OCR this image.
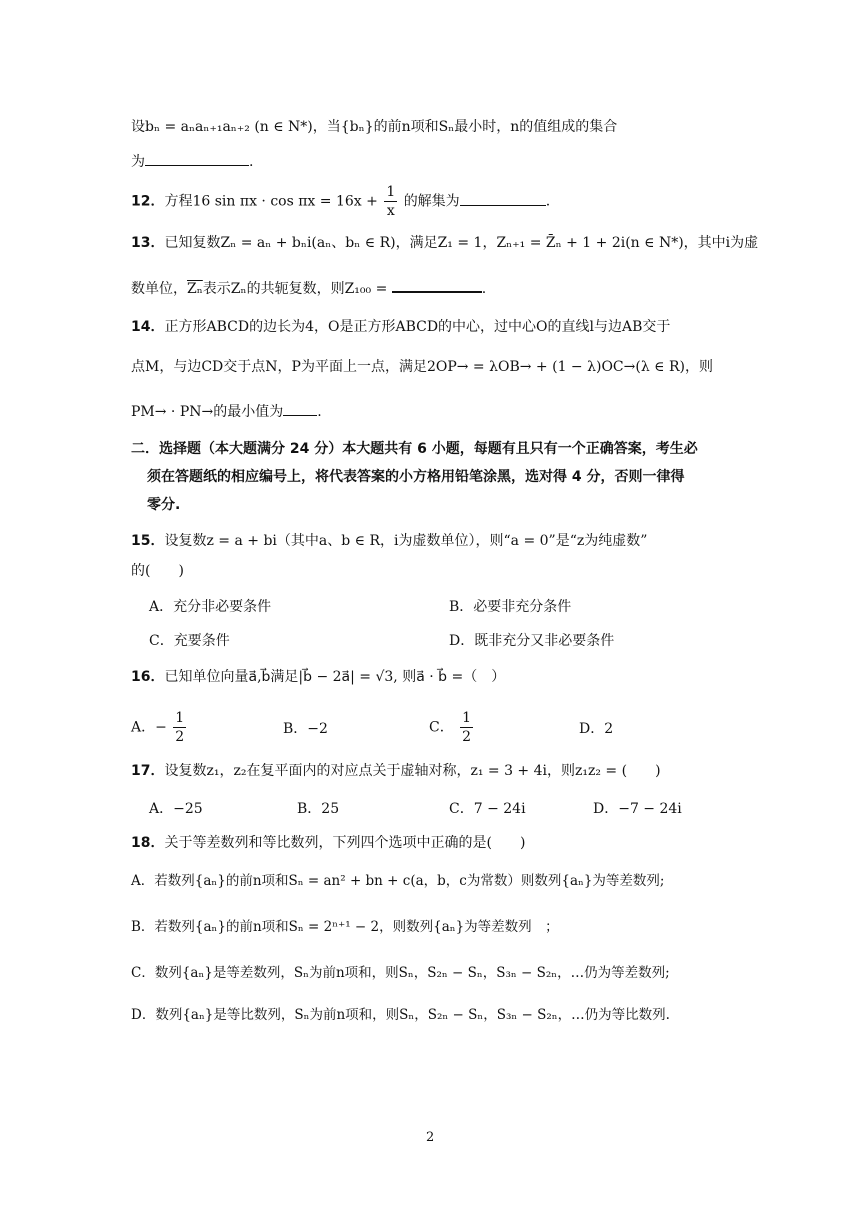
设bₙ = aₙaₙ₊₁aₙ₊₂ (n ∈ N*)，当{bₙ}的前n项和Sₙ最小时，n的值组成的集合
为	.
12．方程16 $\sin \pi x \cdot \cos \pi x = 16x + \frac{1}{x}$ 的解集为	.
13．已知复数Zₙ = aₙ + bₙi(aₙ、bₙ ∈ R)，满足Z₁ = 1，Zₙ₊₁ = Z̄ₙ + 1 + 2i(n ∈ N*)，其中i为虚
数单位，$\overline{Z_n}$表示Zₙ的共轭复数，则Z₁₀₀ =	.
14．正方形ABCD的边长为4，O是正方形ABCD的中心，过中心O的直线l与边AB交于
点M，与边CD交于点N，P为平面上一点，满足2OP→ = λOB→ + (1 − λ)OC→(λ ∈ R)，则
PM→ · PN→的最小值为 .
二．选择题（本大题满分 24 分）本大题共有 6 小题，每题有且只有一个正确答案，考生必
须在答题纸的相应编号上，将代表答案的小方格用铅笔涂黑，选对得 4 分，否则一律得
零分.
15．设复数z = a + bi（其中a、b ∈ R，i为虚数单位），则“a = 0”是“z为纯虚数”
的(　　)
A．充分非必要条件	B．必要非充分条件
C．充要条件	D．既非充分又非必要条件
16．已知单位向量a⃗,b⃗满足|b⃗ − 2a⃗| = √3, 则a⃗ · b⃗ =（　）
A．− $\frac{1}{2}$	B．−2	C． $\frac{1}{2}$	D．2
17．设复数z₁，z₂在复平面内的对应点关于虚轴对称，z₁ = 3 + 4i，则z₁z₂ = (　　)
A．−25	B．25	C．7 − 24i	D．−7 − 24i
18．关于等差数列和等比数列，下列四个选项中正确的是(　　)
A．若数列{aₙ}的前n项和Sₙ = an² + bn + c(a，b，c为常数）则数列{aₙ}为等差数列;
B．若数列{aₙ}的前n项和Sₙ = 2ⁿ⁺¹ − 2，则数列{aₙ}为等差数列　；
C．数列{aₙ}是等差数列，Sₙ为前n项和，则Sₙ，S₂ₙ − Sₙ，S₃ₙ − S₂ₙ，…仍为等差数列;
D．数列{aₙ}是等比数列，Sₙ为前n项和，则Sₙ，S₂ₙ − Sₙ，S₃ₙ − S₂ₙ，…仍为等比数列.
2
